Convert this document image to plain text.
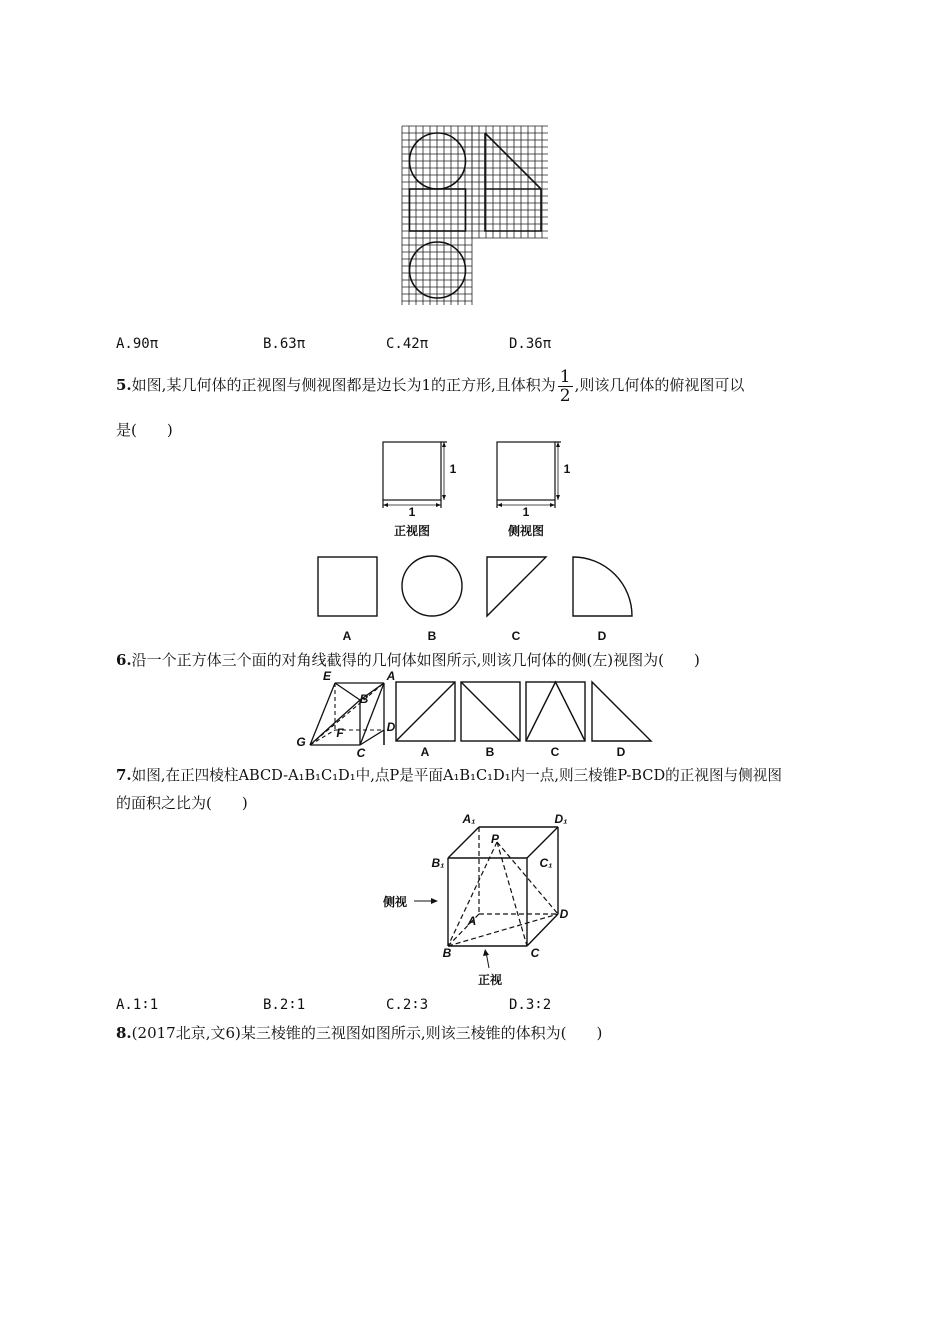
A.90π	B.63π	C.42π	D.36π
5.如图,某几何体的正视图与侧视图都是边长为1的正方形,且体积为 $\frac{1}{2}$ ,则该几何体的俯视图可以
是(　　)
1
1
1
1
正视图	侧视图
A	B	C	D
6.沿一个正方体三个面的对角线截得的几何体如图所示,则该几何体的侧(左)视图为(　　)
E	A
B
D
G
F
C	A	B	C	D
7.如图,在正四棱柱ABCD-A₁B₁C₁D₁中,点P是平面A₁B₁C₁D₁内一点,则三棱锥P-BCD的正视图与侧视图
的面积之比为(　　)
A₁	D₁
P
B₁	C₁
A	D
B	C
侧视
正视
A.1∶1	B.2∶1	C.2∶3	D.3∶2
8.(2017北京,文6)某三棱锥的三视图如图所示,则该三棱锥的体积为(　　)
